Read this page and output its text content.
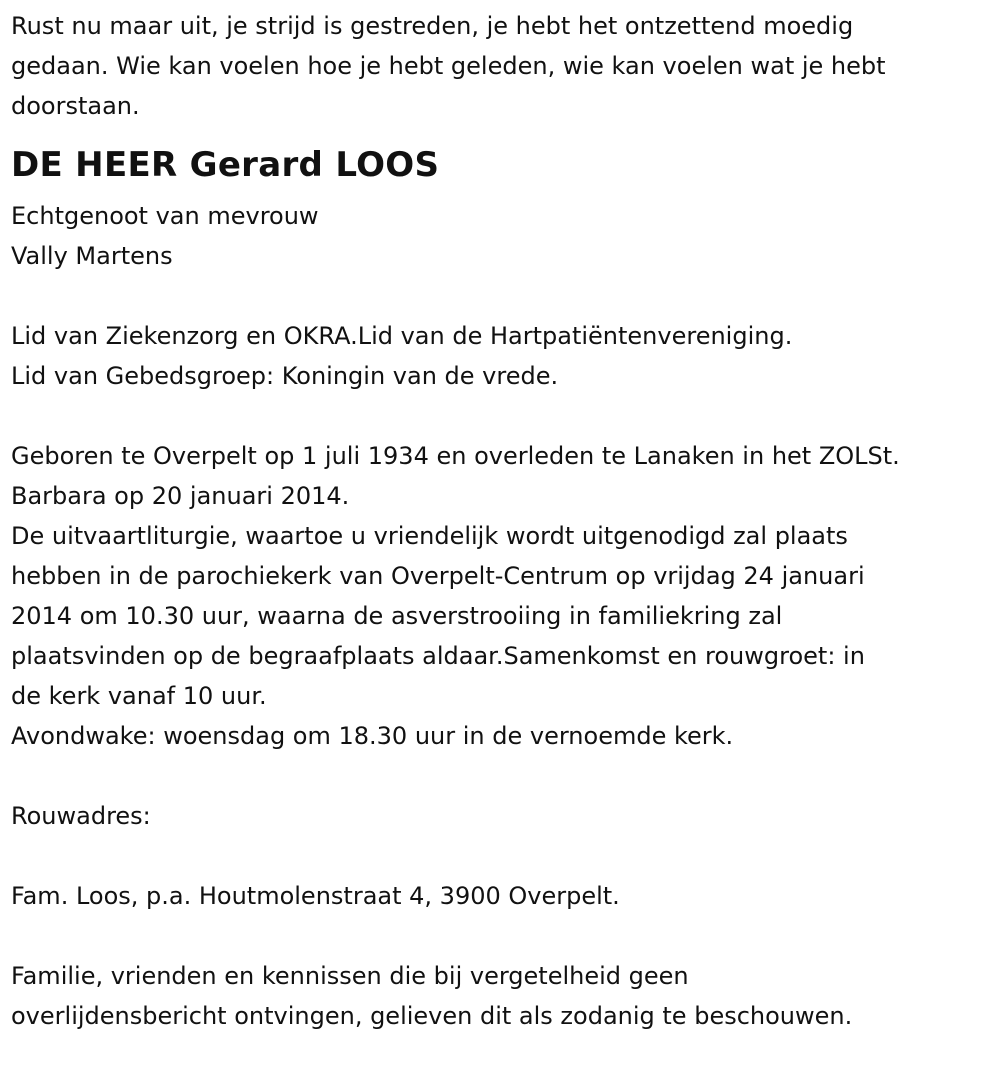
Rust nu maar uit, je strijd is gestreden, je hebt het ontzettend moedig
gedaan. Wie kan voelen hoe je hebt geleden, wie kan voelen wat je hebt
doorstaan.
DE HEER Gerard LOOS
Echtgenoot van mevrouw
Vally Martens
Lid van Ziekenzorg en OKRA.Lid van de Hartpatiëntenvereniging.
Lid van Gebedsgroep: Koningin van de vrede.
Geboren te Overpelt op 1 juli 1934 en overleden te Lanaken in het ZOLSt.
Barbara op 20 januari 2014.
De uitvaartliturgie, waartoe u vriendelijk wordt uitgenodigd zal plaats
hebben in de parochiekerk van Overpelt-Centrum op vrijdag 24 januari
2014 om 10.30 uur, waarna de asverstrooiing in familiekring zal
plaatsvinden op de begraafplaats aldaar.Samenkomst en rouwgroet: in
de kerk vanaf 10 uur.
Avondwake: woensdag om 18.30 uur in de vernoemde kerk.
Rouwadres:
Fam. Loos, p.a. Houtmolenstraat 4, 3900 Overpelt.
Familie, vrienden en kennissen die bij vergetelheid geen
overlijdensbericht ontvingen, gelieven dit als zodanig te beschouwen.
